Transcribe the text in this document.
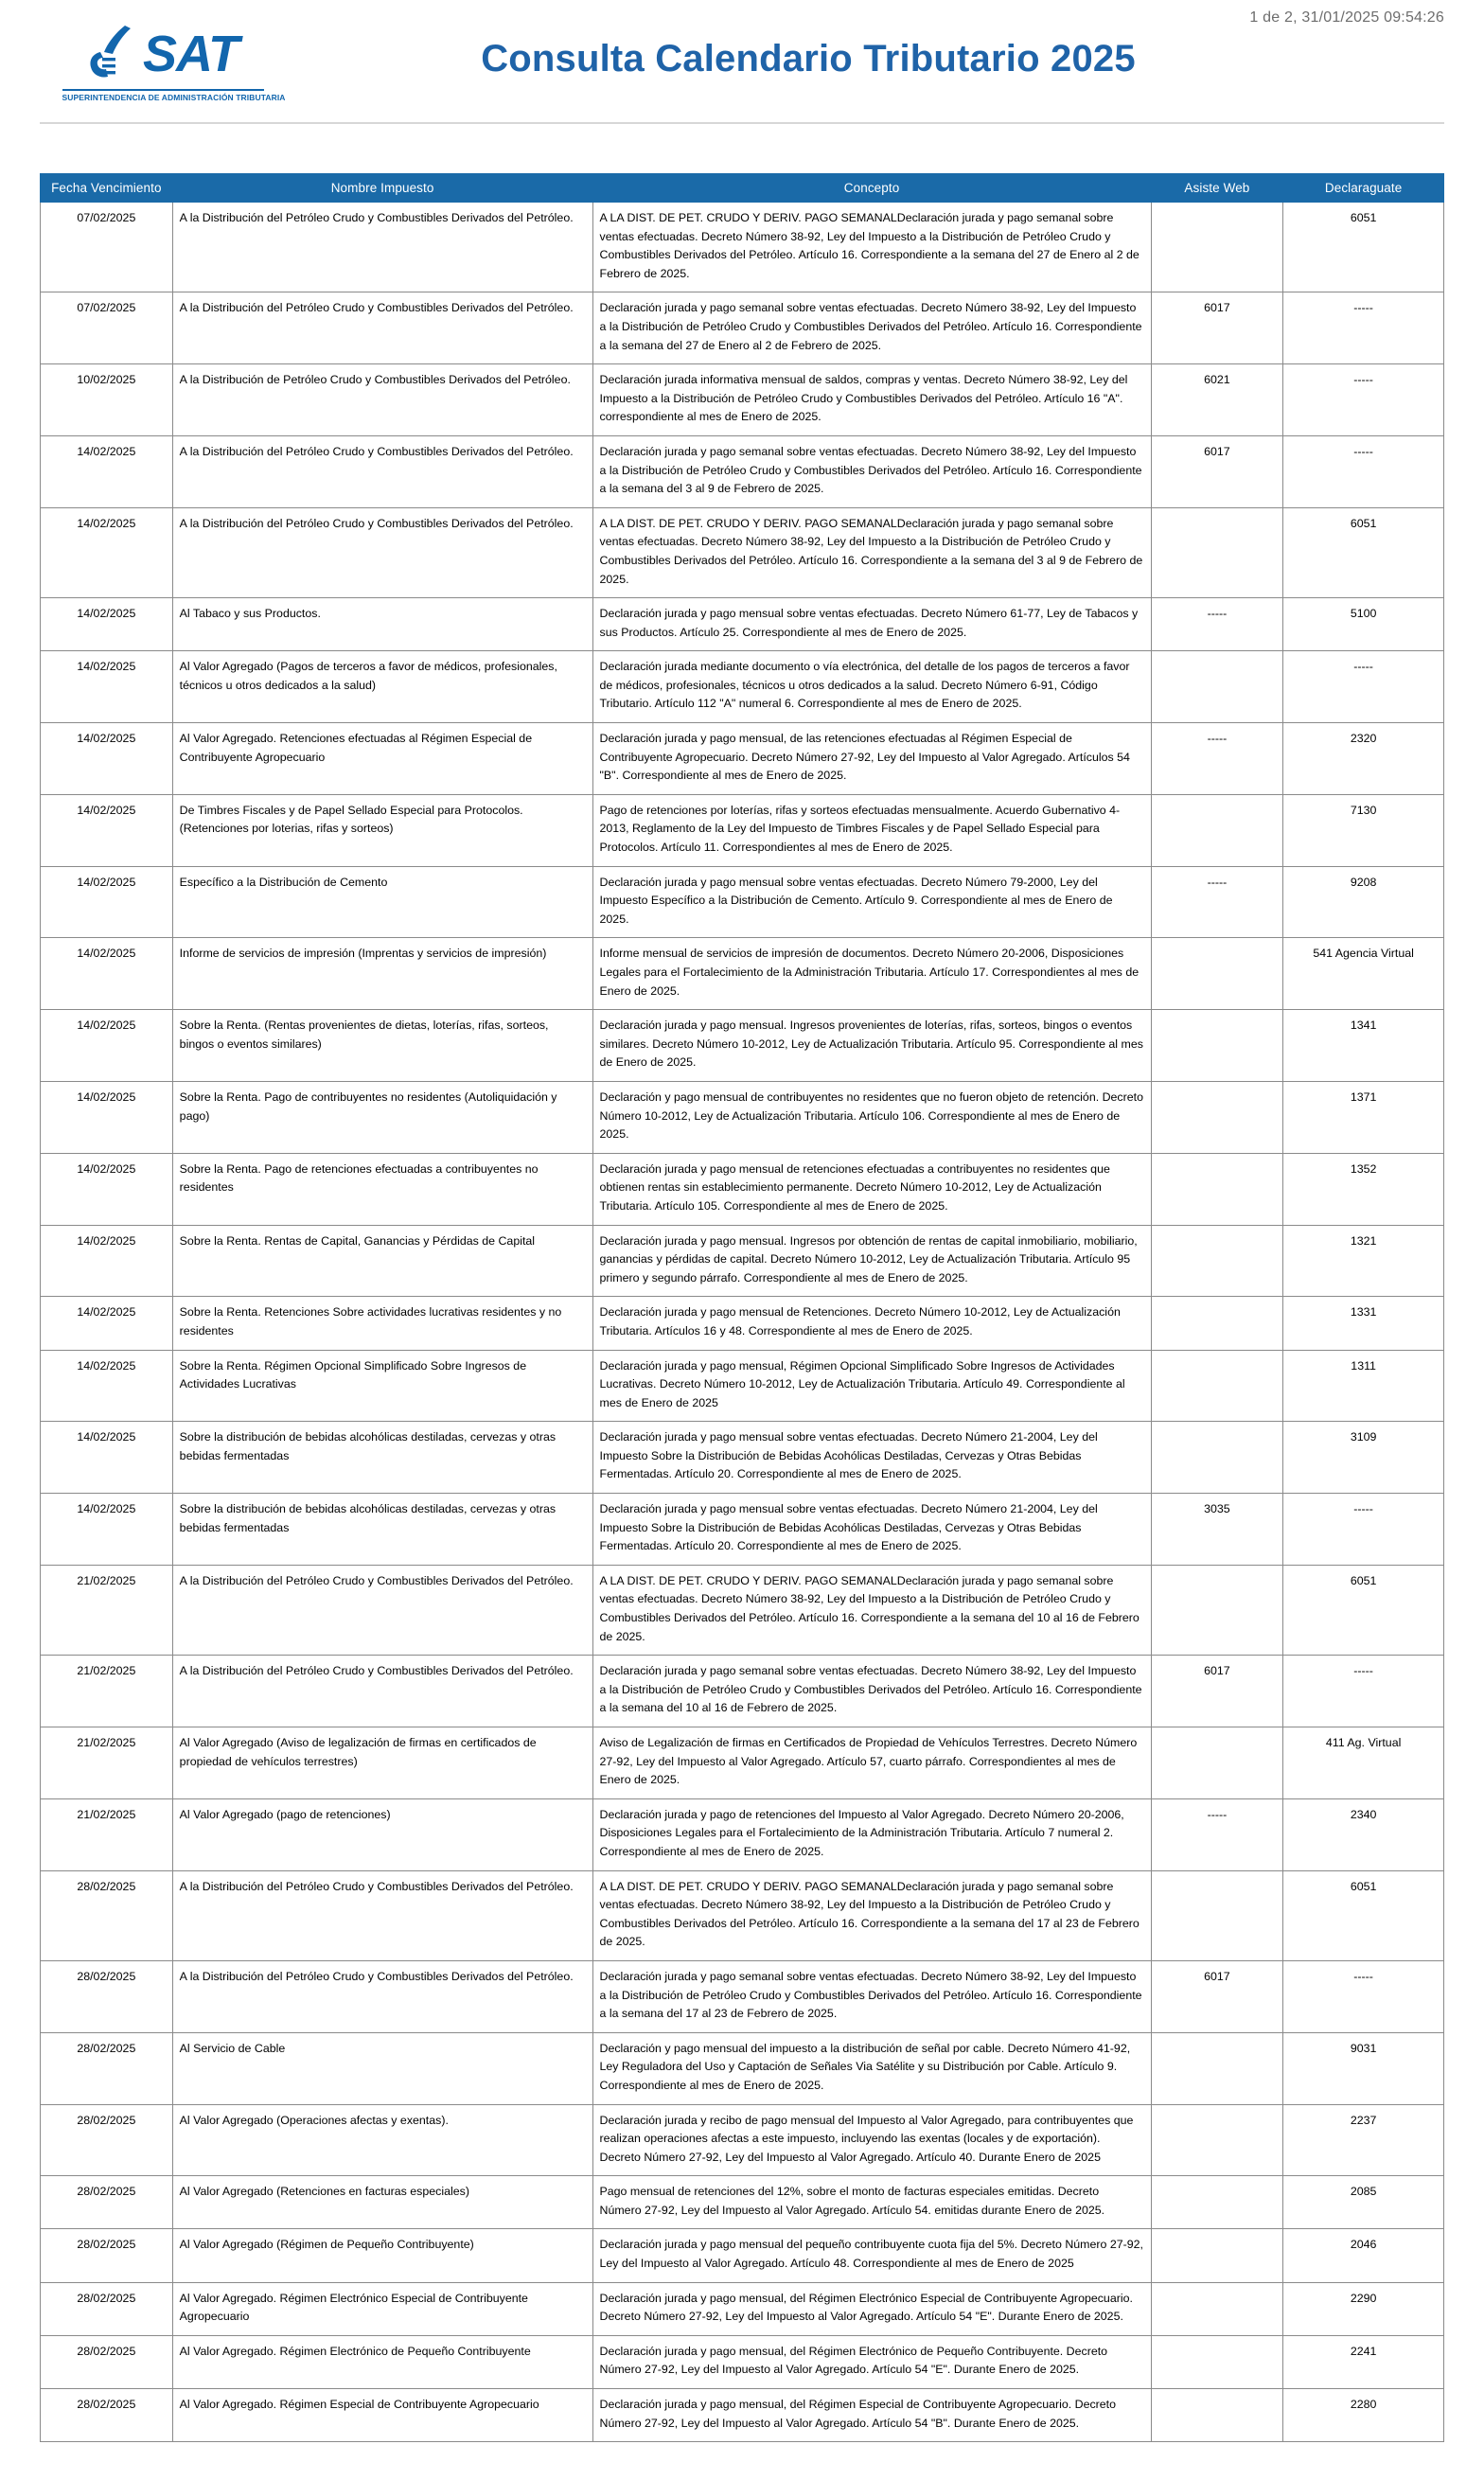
1 de 2, 31/01/2025 09:54:26
SAT
SUPERINTENDENCIA DE ADMINISTRACIÓN TRIBUTARIA
Consulta Calendario Tributario 2025
Fecha Vencimiento	Nombre Impuesto	Concepto	Asiste Web	Declaraguate
07/02/2025	A la Distribución del Petróleo Crudo y Combustibles Derivados del Petróleo.	A LA DIST. DE PET. CRUDO Y DERIV. PAGO SEMANALDeclaración jurada y pago semanal sobre ventas efectuadas. Decreto Número 38-92, Ley del Impuesto a la Distribución de Petróleo Crudo y Combustibles Derivados del Petróleo. Artículo 16. Correspondiente a la semana del 27 de Enero al 2 de Febrero de 2025.		6051
07/02/2025	A la Distribución del Petróleo Crudo y Combustibles Derivados del Petróleo.	Declaración jurada y pago semanal sobre ventas efectuadas. Decreto Número 38-92, Ley del Impuesto a la Distribución de Petróleo Crudo y Combustibles Derivados del Petróleo. Artículo 16. Correspondiente a la semana del 27 de Enero al 2 de Febrero de 2025.	6017	-----
10/02/2025	A la Distribución de Petróleo Crudo y Combustibles Derivados del Petróleo.	Declaración jurada informativa mensual de saldos, compras y ventas. Decreto Número 38-92, Ley del Impuesto a la Distribución de Petróleo Crudo y Combustibles Derivados del Petróleo. Artículo 16 "A". correspondiente al mes de Enero de 2025.	6021	-----
14/02/2025	A la Distribución del Petróleo Crudo y Combustibles Derivados del Petróleo.	Declaración jurada y pago semanal sobre ventas efectuadas. Decreto Número 38-92, Ley del Impuesto a la Distribución de Petróleo Crudo y Combustibles Derivados del Petróleo. Artículo 16. Correspondiente a la semana del 3 al 9 de Febrero de 2025.	6017	-----
14/02/2025	A la Distribución del Petróleo Crudo y Combustibles Derivados del Petróleo.	A LA DIST. DE PET. CRUDO Y DERIV. PAGO SEMANALDeclaración jurada y pago semanal sobre ventas efectuadas. Decreto Número 38-92, Ley del Impuesto a la Distribución de Petróleo Crudo y Combustibles Derivados del Petróleo. Artículo 16. Correspondiente a la semana del 3 al 9 de Febrero de 2025.		6051
14/02/2025	Al Tabaco y sus Productos.	Declaración jurada y pago mensual sobre ventas efectuadas. Decreto Número 61-77, Ley de Tabacos y sus Productos. Artículo 25. Correspondiente al mes de Enero de 2025.	-----	5100
14/02/2025	Al Valor Agregado (Pagos de terceros a favor de médicos, profesionales, técnicos u otros dedicados a la salud)	Declaración jurada mediante documento o vía electrónica, del detalle de los pagos de terceros a favor de médicos, profesionales, técnicos u otros dedicados a la salud. Decreto Número 6-91, Código Tributario. Artículo 112 "A" numeral 6. Correspondiente al mes de Enero de 2025.		-----
14/02/2025	Al Valor Agregado. Retenciones efectuadas al Régimen Especial de Contribuyente Agropecuario	Declaración jurada y pago mensual, de las retenciones efectuadas al Régimen Especial de Contribuyente Agropecuario. Decreto Número 27-92, Ley del Impuesto al Valor Agregado. Artículos 54 "B". Correspondiente al mes de Enero de 2025.	-----	2320
14/02/2025	De Timbres Fiscales y de Papel Sellado Especial para Protocolos. (Retenciones por loterias, rifas y sorteos)	Pago de retenciones por loterías, rifas y sorteos efectuadas mensualmente. Acuerdo Gubernativo 4-2013, Reglamento de la Ley del Impuesto de Timbres Fiscales y de Papel Sellado Especial para Protocolos. Artículo 11. Correspondientes al mes de Enero de 2025.		7130
14/02/2025	Específico a la Distribución de Cemento	Declaración jurada y pago mensual sobre ventas efectuadas. Decreto Número 79-2000, Ley del Impuesto Específico a la Distribución de Cemento. Artículo 9. Correspondiente al mes de Enero de 2025.	-----	9208
14/02/2025	Informe de servicios de impresión (Imprentas y servicios de impresión)	Informe mensual de servicios de impresión de documentos. Decreto Número 20-2006, Disposiciones Legales para el Fortalecimiento de la Administración Tributaria. Artículo 17. Correspondientes al mes de Enero de 2025.		541 Agencia Virtual
14/02/2025	Sobre la Renta. (Rentas provenientes de dietas, loterías, rifas, sorteos, bingos o eventos similares)	Declaración jurada y pago mensual. Ingresos provenientes de loterías, rifas, sorteos, bingos o eventos similares. Decreto Número 10-2012, Ley de Actualización Tributaria. Artículo 95. Correspondiente al mes de Enero de 2025.		1341
14/02/2025	Sobre la Renta. Pago de contribuyentes no residentes (Autoliquidación y pago)	Declaración y pago mensual de contribuyentes no residentes que no fueron objeto de retención. Decreto Número 10-2012, Ley de Actualización Tributaria. Artículo 106. Correspondiente al mes de Enero de 2025.		1371
14/02/2025	Sobre la Renta. Pago de retenciones efectuadas a contribuyentes no residentes	Declaración jurada y pago mensual de retenciones efectuadas a contribuyentes no residentes que obtienen rentas sin establecimiento permanente. Decreto Número 10-2012, Ley de Actualización Tributaria. Artículo 105. Correspondiente al mes de Enero de 2025.		1352
14/02/2025	Sobre la Renta. Rentas de Capital, Ganancias y Pérdidas de Capital	Declaración jurada y pago mensual. Ingresos por obtención de rentas de capital inmobiliario, mobiliario, ganancias y pérdidas de capital. Decreto Número 10-2012, Ley de Actualización Tributaria. Artículo 95 primero y segundo párrafo. Correspondiente al mes de Enero de 2025.		1321
14/02/2025	Sobre la Renta. Retenciones Sobre actividades lucrativas residentes y no residentes	Declaración jurada y pago mensual de Retenciones. Decreto Número 10-2012, Ley de Actualización Tributaria. Artículos 16 y 48. Correspondiente al mes de Enero de 2025.		1331
14/02/2025	Sobre la Renta. Régimen Opcional Simplificado Sobre Ingresos de Actividades Lucrativas	Declaración jurada y pago mensual, Régimen Opcional Simplificado Sobre Ingresos de Actividades Lucrativas. Decreto Número 10-2012, Ley de Actualización Tributaria. Artículo 49. Correspondiente al mes de Enero de 2025		1311
14/02/2025	Sobre la distribución de bebidas alcohólicas destiladas, cervezas y otras bebidas fermentadas	Declaración jurada y pago mensual sobre ventas efectuadas. Decreto Número 21-2004, Ley del Impuesto Sobre la Distribución de Bebidas Acohólicas Destiladas, Cervezas y Otras Bebidas Fermentadas. Artículo 20. Correspondiente al mes de Enero de 2025.		3109
14/02/2025	Sobre la distribución de bebidas alcohólicas destiladas, cervezas y otras bebidas fermentadas	Declaración jurada y pago mensual sobre ventas efectuadas. Decreto Número 21-2004, Ley del Impuesto Sobre la Distribución de Bebidas Acohólicas Destiladas, Cervezas y Otras Bebidas Fermentadas. Artículo 20. Correspondiente al mes de Enero de 2025.	3035	-----
21/02/2025	A la Distribución del Petróleo Crudo y Combustibles Derivados del Petróleo.	A LA DIST. DE PET. CRUDO Y DERIV. PAGO SEMANALDeclaración jurada y pago semanal sobre ventas efectuadas. Decreto Número 38-92, Ley del Impuesto a la Distribución de Petróleo Crudo y Combustibles Derivados del Petróleo. Artículo 16. Correspondiente a la semana del 10 al 16 de Febrero de 2025.		6051
21/02/2025	A la Distribución del Petróleo Crudo y Combustibles Derivados del Petróleo.	Declaración jurada y pago semanal sobre ventas efectuadas. Decreto Número 38-92, Ley del Impuesto a la Distribución de Petróleo Crudo y Combustibles Derivados del Petróleo. Artículo 16. Correspondiente a la semana del 10 al 16 de Febrero de 2025.	6017	-----
21/02/2025	Al Valor Agregado (Aviso de legalización de firmas en certificados de propiedad de vehículos terrestres)	Aviso de Legalización de firmas en Certificados de Propiedad de Vehículos Terrestres. Decreto Número 27-92, Ley del Impuesto al Valor Agregado. Artículo 57, cuarto párrafo. Correspondientes al mes de Enero de 2025.		411 Ag. Virtual
21/02/2025	Al Valor Agregado (pago de retenciones)	Declaración jurada y pago de retenciones del Impuesto al Valor Agregado. Decreto Número 20-2006, Disposiciones Legales para el Fortalecimiento de la Administración Tributaria. Artículo 7 numeral 2. Correspondiente al mes de Enero de 2025.	-----	2340
28/02/2025	A la Distribución del Petróleo Crudo y Combustibles Derivados del Petróleo.	A LA DIST. DE PET. CRUDO Y DERIV. PAGO SEMANALDeclaración jurada y pago semanal sobre ventas efectuadas. Decreto Número 38-92, Ley del Impuesto a la Distribución de Petróleo Crudo y Combustibles Derivados del Petróleo. Artículo 16. Correspondiente a la semana del 17 al 23 de Febrero de 2025.		6051
28/02/2025	A la Distribución del Petróleo Crudo y Combustibles Derivados del Petróleo.	Declaración jurada y pago semanal sobre ventas efectuadas. Decreto Número 38-92, Ley del Impuesto a la Distribución de Petróleo Crudo y Combustibles Derivados del Petróleo. Artículo 16. Correspondiente a la semana del 17 al 23 de Febrero de 2025.	6017	-----
28/02/2025	Al Servicio de Cable	Declaración y pago mensual del impuesto a la distribución de señal por cable. Decreto Número 41-92, Ley Reguladora del Uso y Captación de Señales Via Satélite y su Distribución por Cable. Artículo 9. Correspondiente al mes de Enero de 2025.		9031
28/02/2025	Al Valor Agregado (Operaciones afectas y exentas).	Declaración jurada y recibo de pago mensual del Impuesto al Valor Agregado, para contribuyentes que realizan operaciones afectas a este impuesto, incluyendo las exentas (locales y de exportación). Decreto Número 27-92, Ley del Impuesto al Valor Agregado. Artículo 40. Durante Enero de 2025		2237
28/02/2025	Al Valor Agregado (Retenciones en facturas especiales)	Pago mensual de retenciones del 12%, sobre el monto de facturas especiales emitidas. Decreto Número 27-92, Ley del Impuesto al Valor Agregado. Artículo 54. emitidas durante Enero de 2025.		2085
28/02/2025	Al Valor Agregado (Régimen de Pequeño Contribuyente)	Declaración jurada y pago mensual del pequeño contribuyente cuota fija del 5%. Decreto Número 27-92, Ley del Impuesto al Valor Agregado. Artículo 48. Correspondiente al mes de Enero de 2025		2046
28/02/2025	Al Valor Agregado. Régimen Electrónico Especial de Contribuyente Agropecuario	Declaración jurada y pago mensual, del Régimen Electrónico Especial de Contribuyente Agropecuario. Decreto Número 27-92, Ley del Impuesto al Valor Agregado. Artículo 54 "E". Durante Enero de 2025.		2290
28/02/2025	Al Valor Agregado. Régimen Electrónico de Pequeño Contribuyente	Declaración jurada y pago mensual, del Régimen Electrónico de Pequeño Contribuyente. Decreto Número 27-92, Ley del Impuesto al Valor Agregado. Artículo 54 "E". Durante Enero de 2025.		2241
28/02/2025	Al Valor Agregado. Régimen Especial de Contribuyente Agropecuario	Declaración jurada y pago mensual, del Régimen Especial de Contribuyente Agropecuario. Decreto Número 27-92, Ley del Impuesto al Valor Agregado. Artículo 54 "B". Durante Enero de 2025.		2280
